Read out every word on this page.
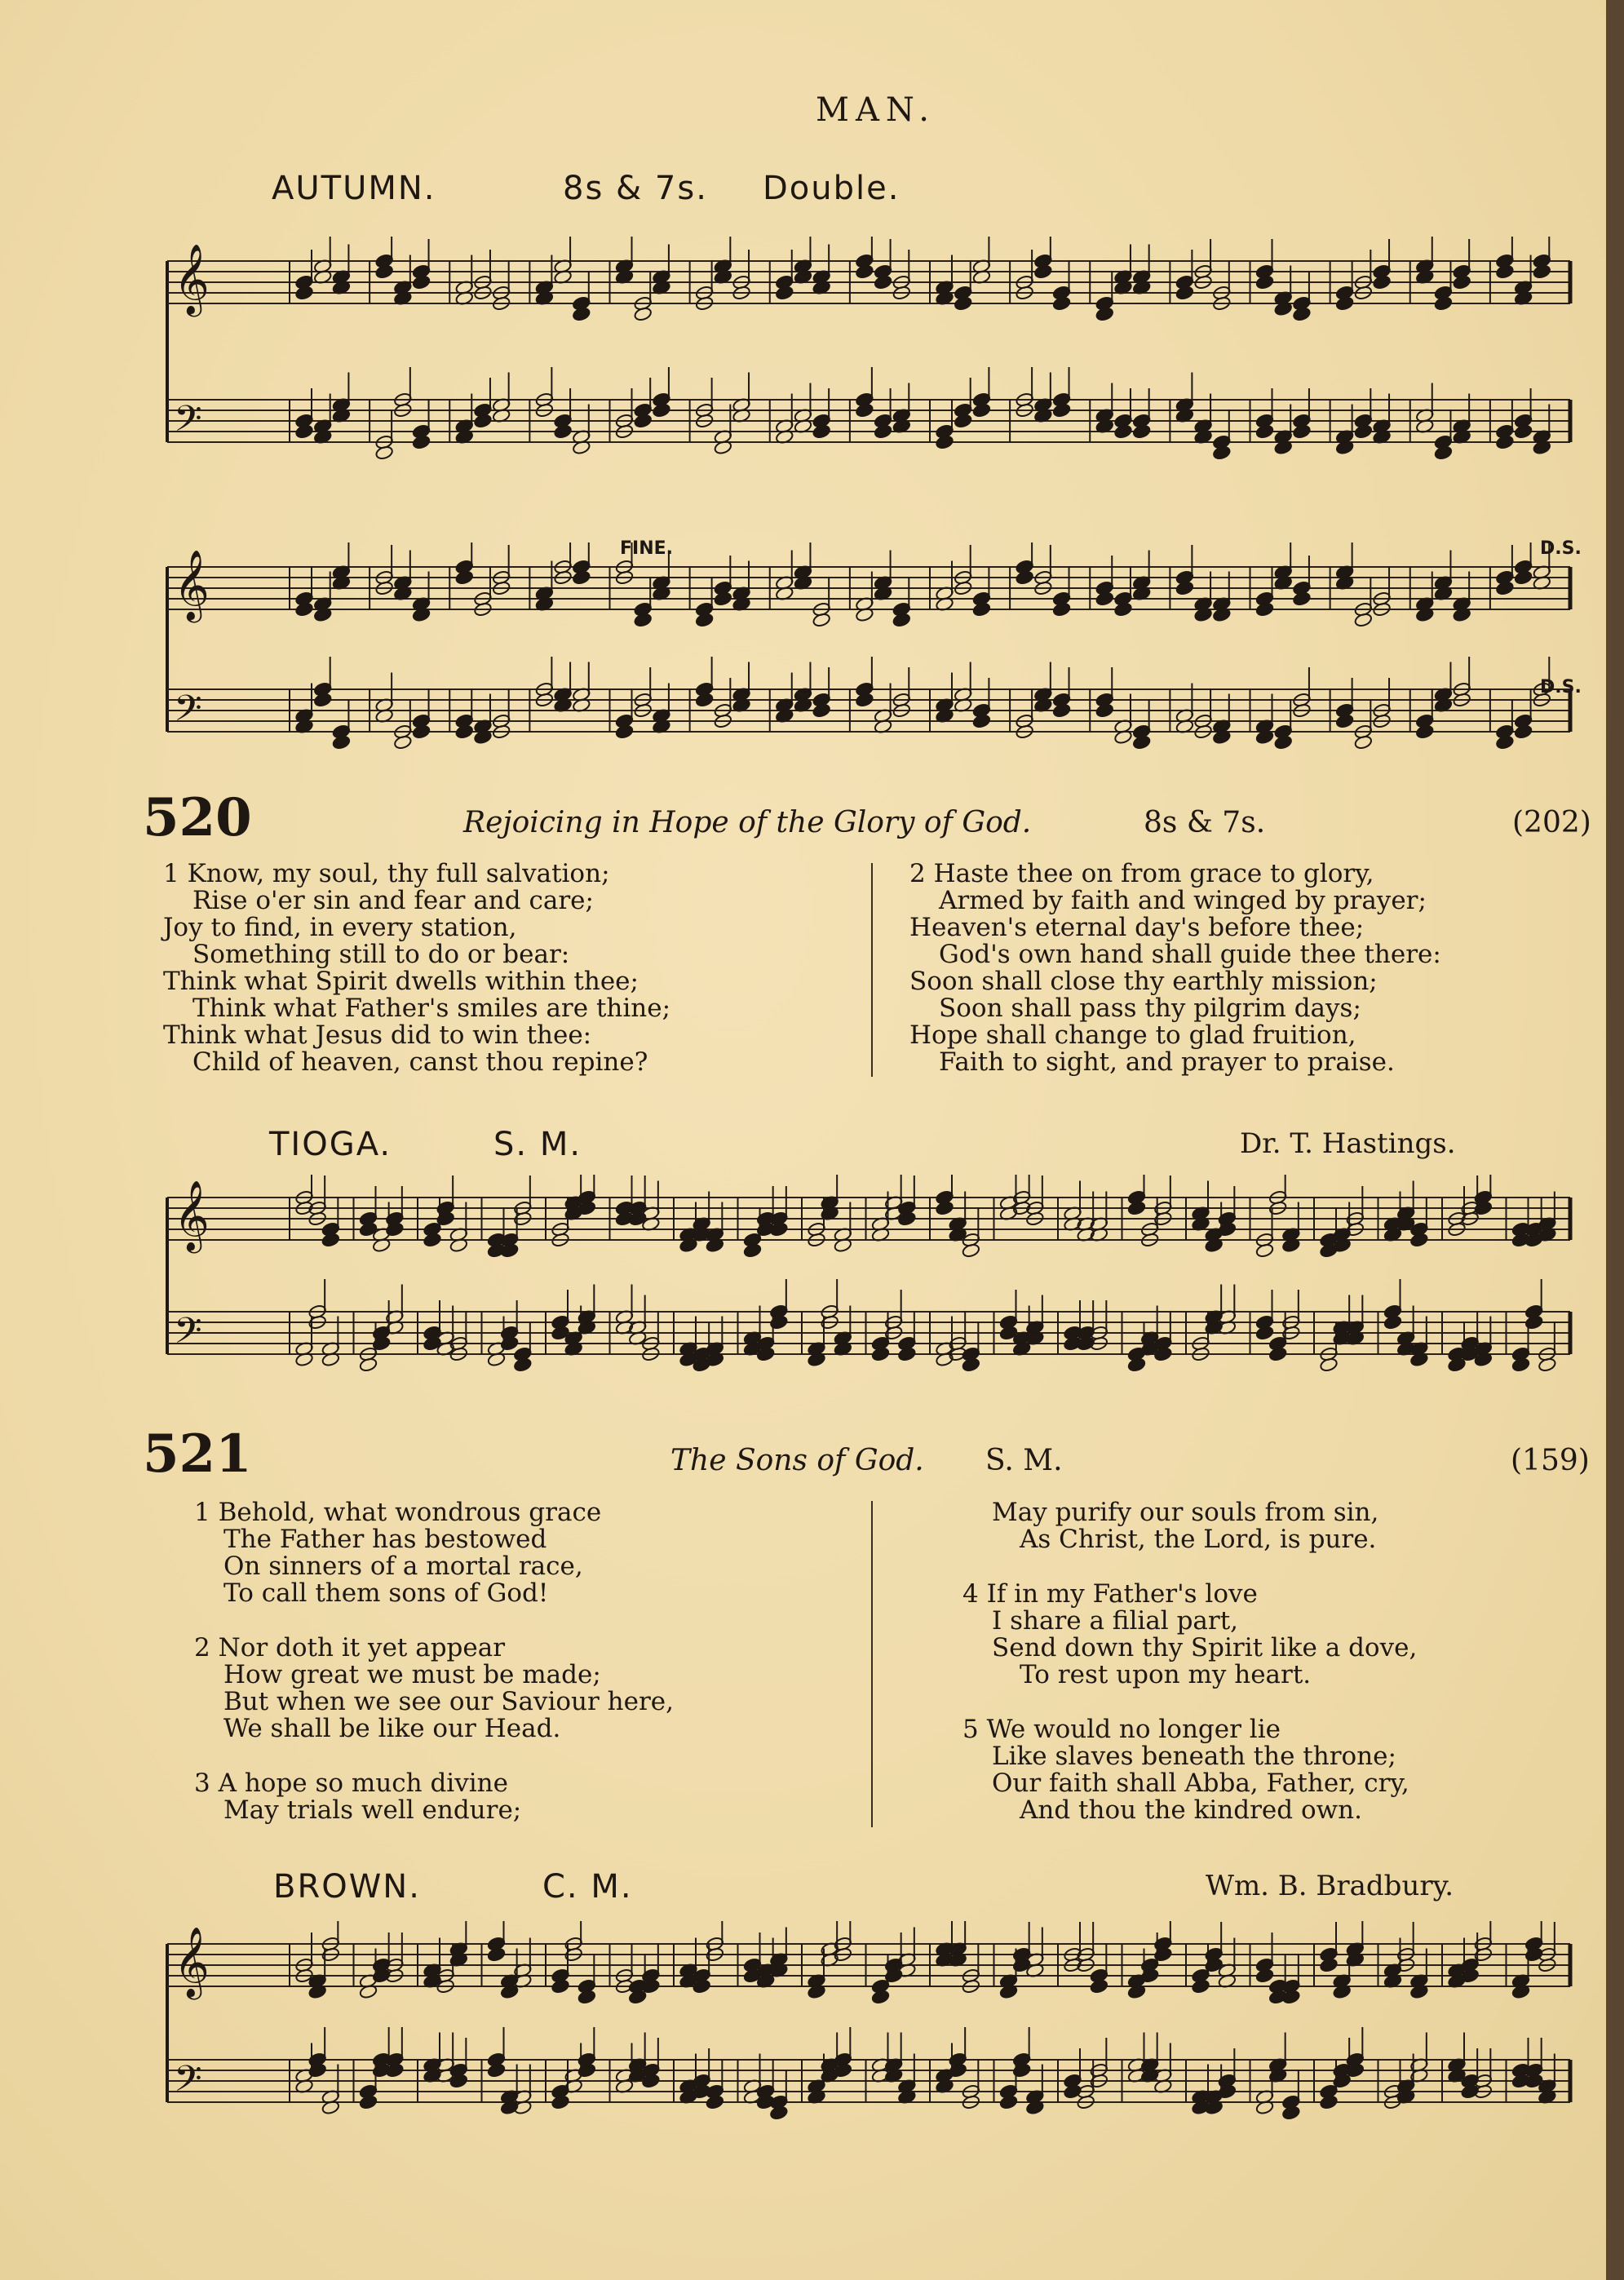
MAN.
AUTUMN.	8s & 7s. Double.
𝄞
𝄢
𝄞
𝄢
FINE.	D.S.
D.S.
520	Rejoicing in Hope of the Glory of God.	8s & 7s.	(202)
1 Know, my soul, thy full salvation;
Rise o'er sin and fear and care;
Joy to find, in every station,
Something still to do or bear:
Think what Spirit dwells within thee;
Think what Father's smiles are thine;
Think what Jesus did to win thee:
Child of heaven, canst thou repine?
2 Haste thee on from grace to glory,
Armed by faith and winged by prayer;
Heaven's eternal day's before thee;
God's own hand shall guide thee there:
Soon shall close thy earthly mission;
Soon shall pass thy pilgrim days;
Hope shall change to glad fruition,
Faith to sight, and prayer to praise.
TIOGA.	S. M.	Dr. T. Hastings.
𝄞
𝄢
521	The Sons of God. S. M.	(159)
1 Behold, what wondrous grace
The Father has bestowed
On sinners of a mortal race,
To call them sons of God!
2 Nor doth it yet appear
How great we must be made;
But when we see our Saviour here,
We shall be like our Head.
3 A hope so much divine
May trials well endure;
May purify our souls from sin,
As Christ, the Lord, is pure.
4 If in my Father's love
I share a filial part,
Send down thy Spirit like a dove,
To rest upon my heart.
5 We would no longer lie
Like slaves beneath the throne;
Our faith shall Abba, Father, cry,
And thou the kindred own.
BROWN.	C. M.	Wm. B. Bradbury.
𝄞
𝄢
